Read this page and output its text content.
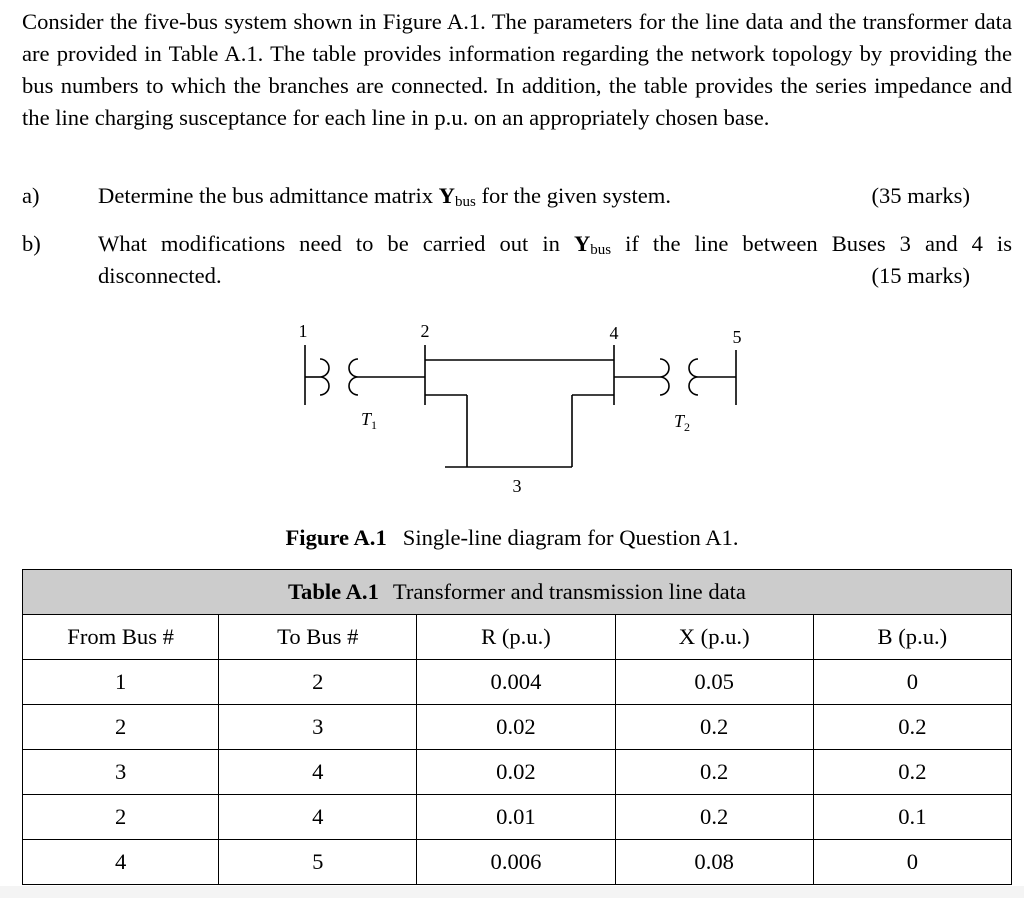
Consider the five-bus system shown in Figure A.1. The parameters for the line data and the transformer data are provided in Table A.1. The table provides information regarding the network topology by providing the bus numbers to which the branches are connected. In addition, the table provides the series impedance and the line charging susceptance for each line in p.u. on an appropriately chosen base.

a)	Determine the bus admittance matrix $Y_{bus}$ for the given system.	(35 marks)
b)	What modifications need to be carried out in $Y_{bus}$ if the line between Buses 3 and 4 is
disconnected.	(15 marks)
1	2
3
4	5
$T_1$	$T_2$
Figure A.1 Single-line diagram for Question A1.
Table A.1 Transformer and transmission line data				
From Bus #	To Bus #	R (p.u.)	X (p.u.)	B (p.u.)
1	2	0.004	0.05	0
2	3	0.02	0.2	0.2
3	4	0.02	0.2	0.2
2	4	0.01	0.2	0.1
4	5	0.006	0.08	0
